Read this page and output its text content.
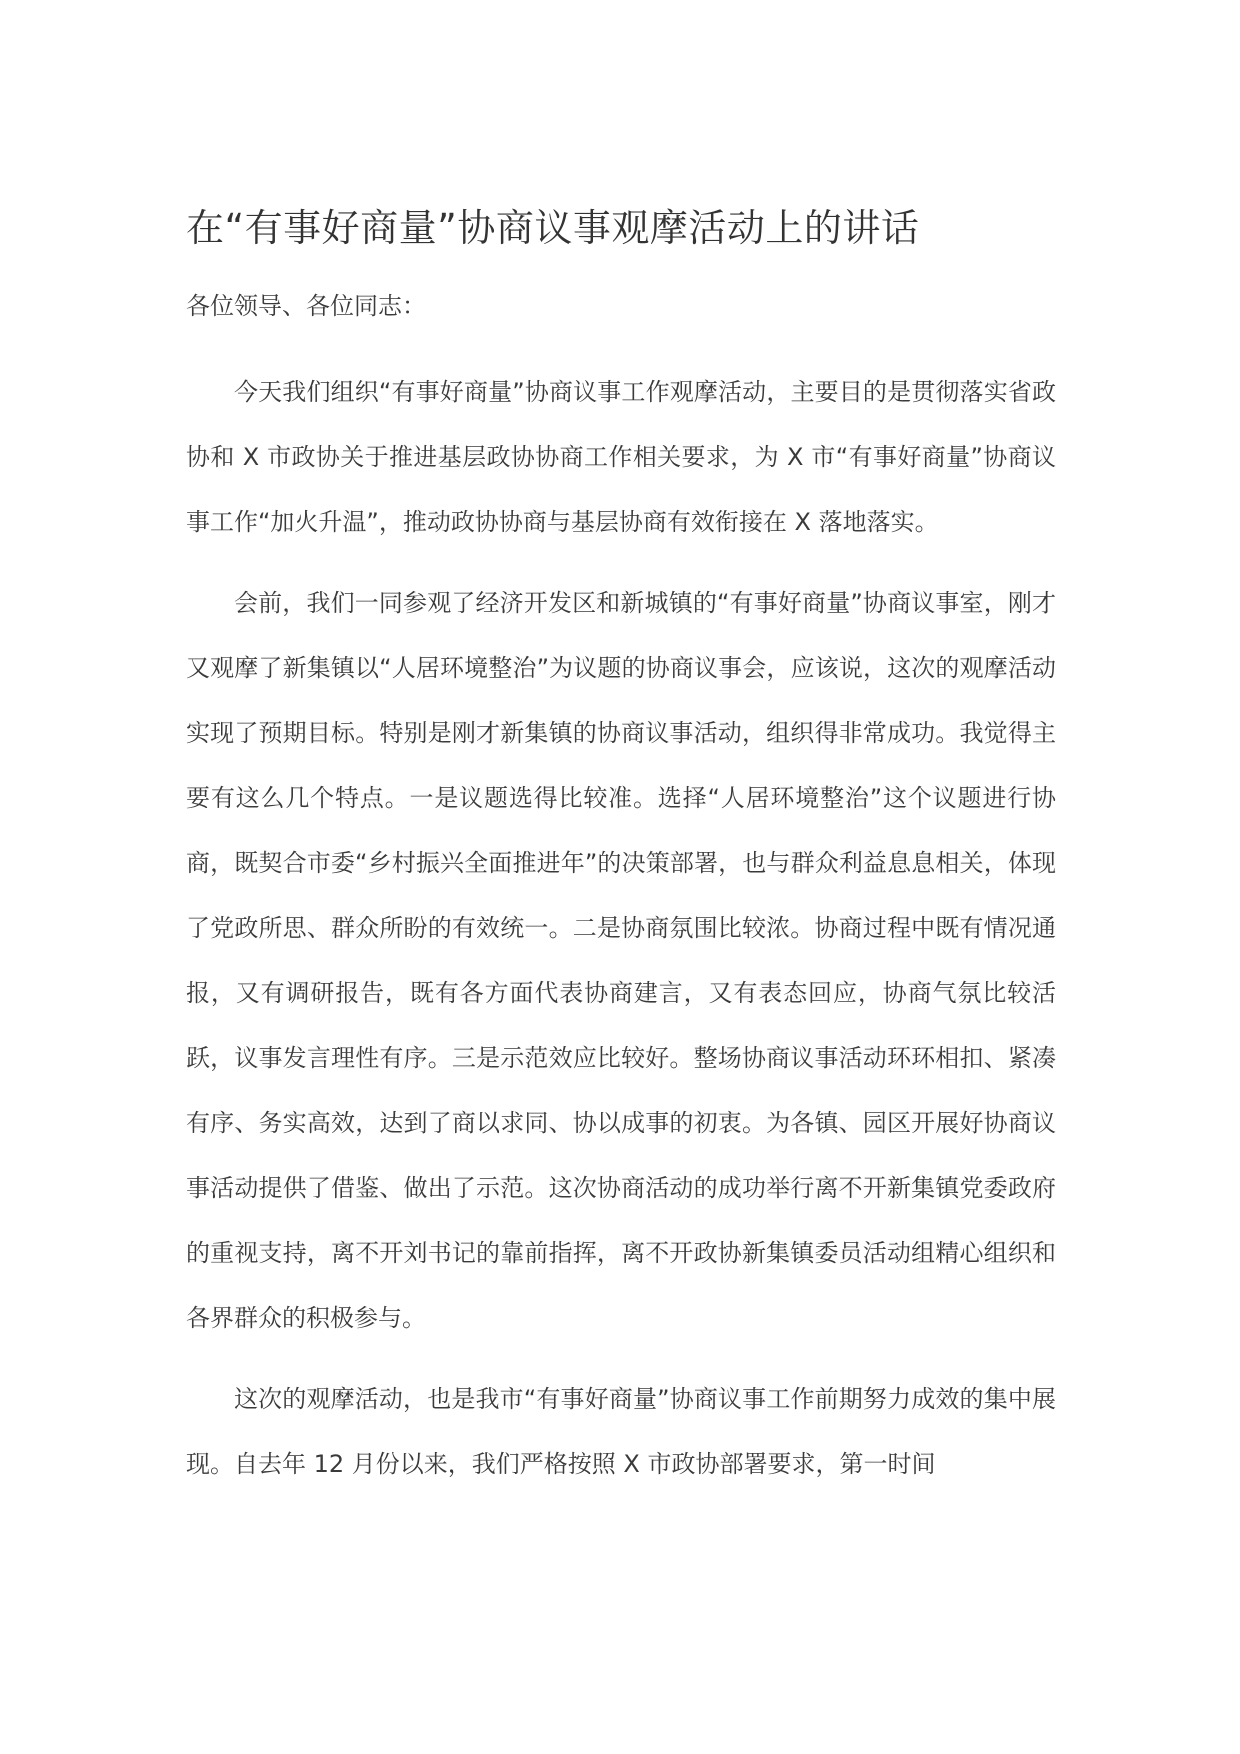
在“有事好商量”协商议事观摩活动上的讲话

各位领导、各位同志：

今天我们组织“有事好商量”协商议事工作观摩活动，主要目的是贯彻落实省政协和 X 市政协关于推进基层政协协商工作相关要求，为 X 市“有事好商量”协商议事工作“加火升温”，推动政协协商与基层协商有效衔接在 X 落地落实。

会前，我们一同参观了经济开发区和新城镇的“有事好商量”协商议事室，刚才又观摩了新集镇以“人居环境整治”为议题的协商议事会，应该说，这次的观摩活动实现了预期目标。特别是刚才新集镇的协商议事活动，组织得非常成功。我觉得主要有这么几个特点。一是议题选得比较准。选择“人居环境整治”这个议题进行协商，既契合市委“乡村振兴全面推进年”的决策部署，也与群众利益息息相关，体现了党政所思、群众所盼的有效统一。二是协商氛围比较浓。协商过程中既有情况通报，又有调研报告，既有各方面代表协商建言，又有表态回应，协商气氛比较活跃，议事发言理性有序。三是示范效应比较好。整场协商议事活动环环相扣、紧凑有序、务实高效，达到了商以求同、协以成事的初衷。为各镇、园区开展好协商议事活动提供了借鉴、做出了示范。这次协商活动的成功举行离不开新集镇党委政府的重视支持，离不开刘书记的靠前指挥，离不开政协新集镇委员活动组精心组织和各界群众的积极参与。

这次的观摩活动，也是我市“有事好商量”协商议事工作前期努力成效的集中展现。自去年 12 月份以来，我们严格按照 X 市政协部署要求，第一时间
